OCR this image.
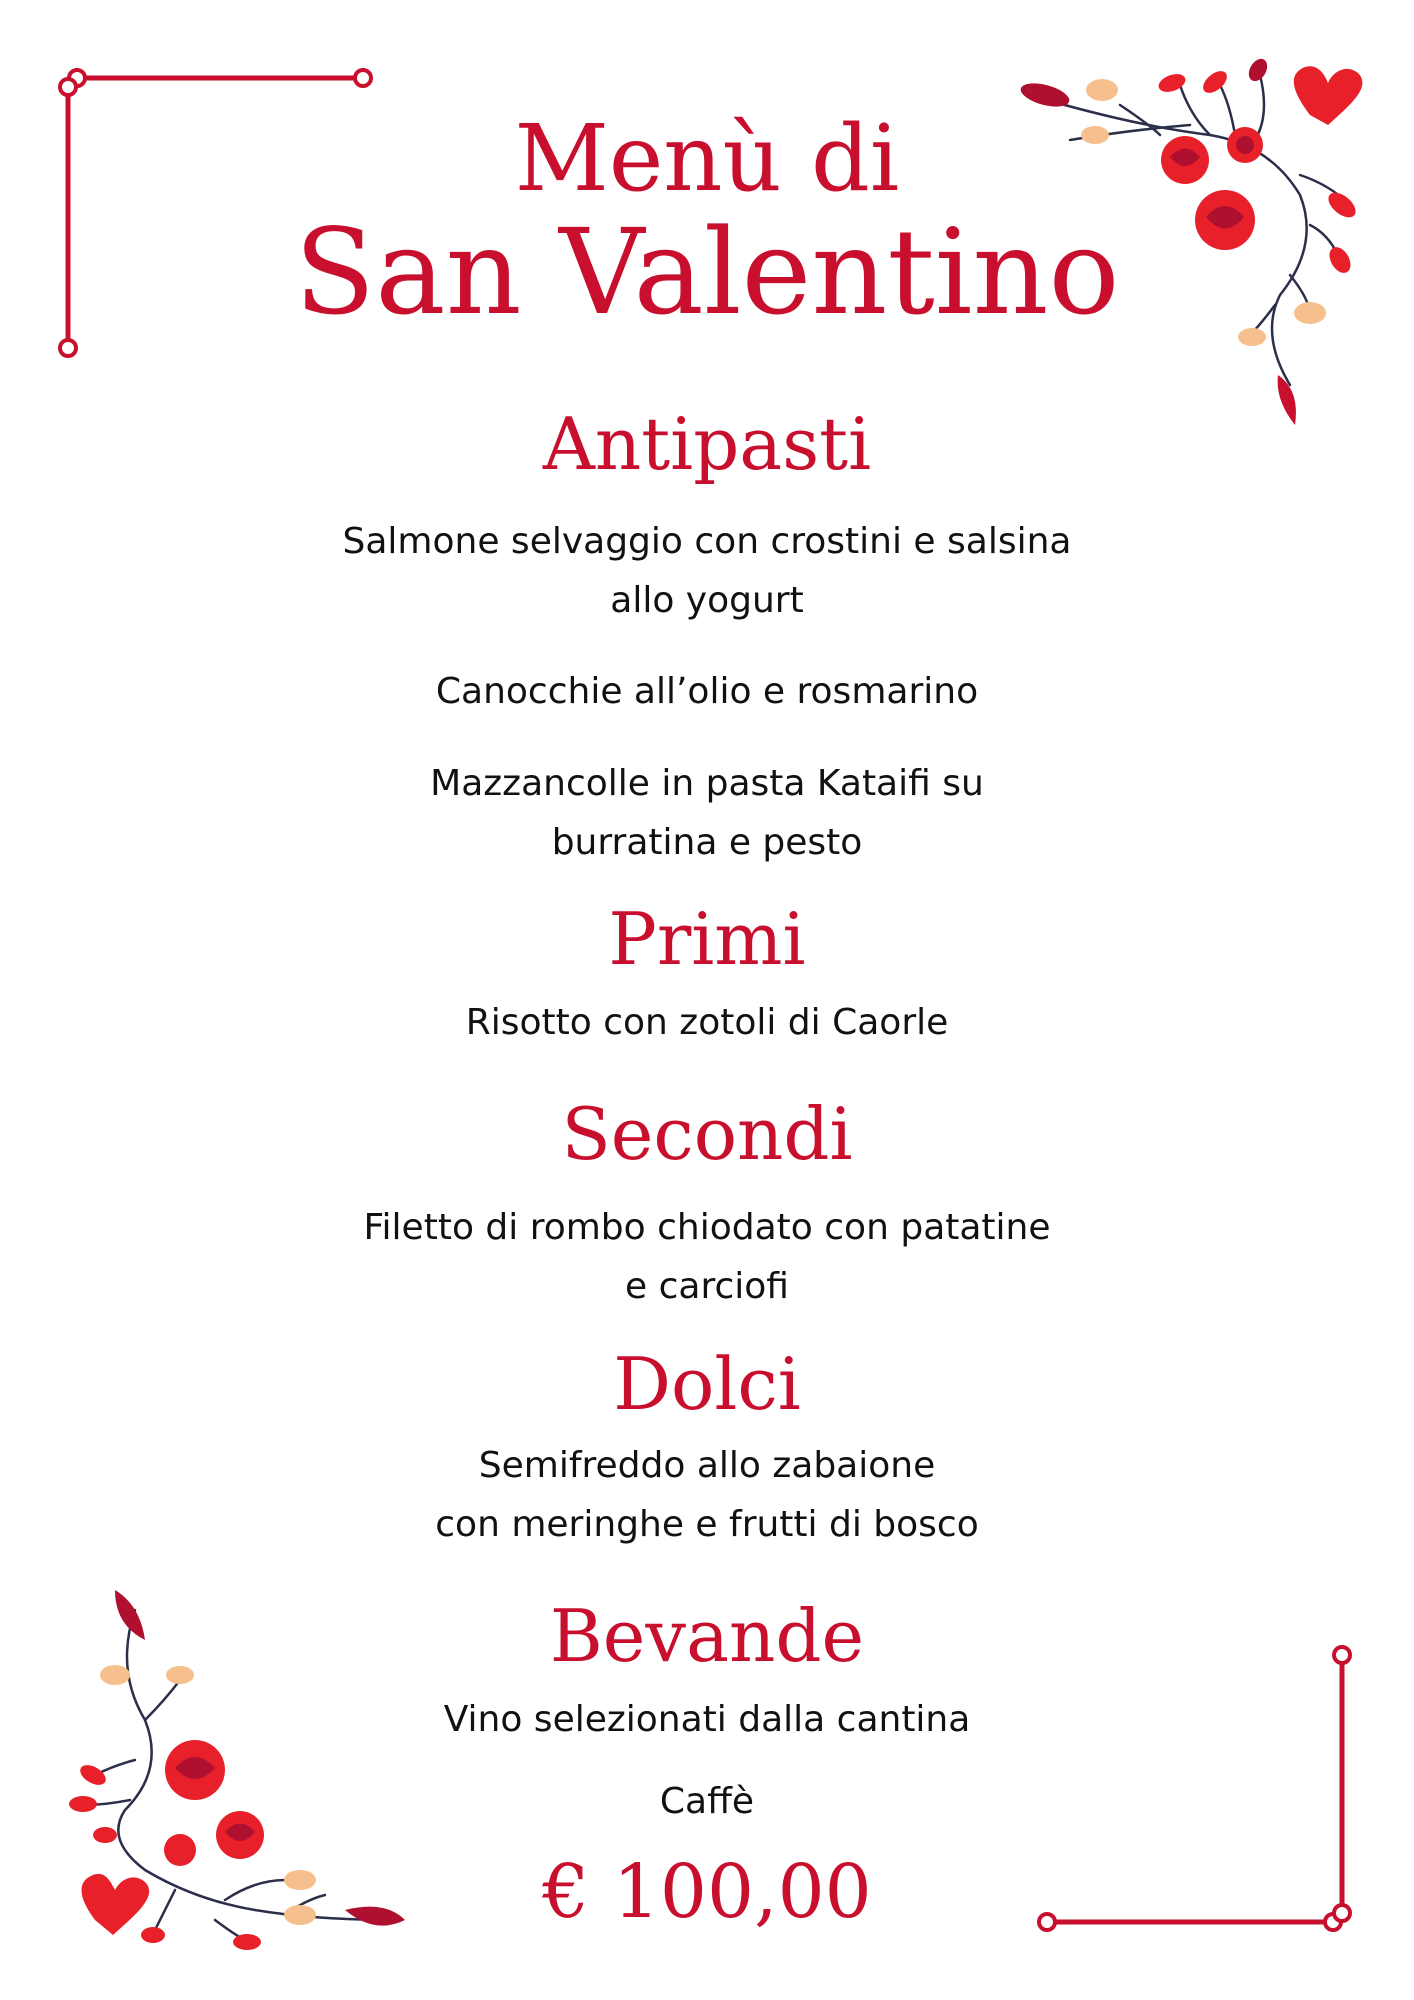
Menù di
San Valentino
Antipasti

Salmone selvaggio con crostini e salsina

allo yogurt

Canocchie all’olio e rosmarino

Mazzancolle in pasta Kataifi su

burratina e pesto

Primi

Risotto con zotoli di Caorle

Secondi

Filetto di rombo chiodato con patatine

e carciofi

Dolci

Semifreddo allo zabaione

con meringhe e frutti di bosco

Bevande

Vino selezionati dalla cantina

Caffè

€ 100,00
